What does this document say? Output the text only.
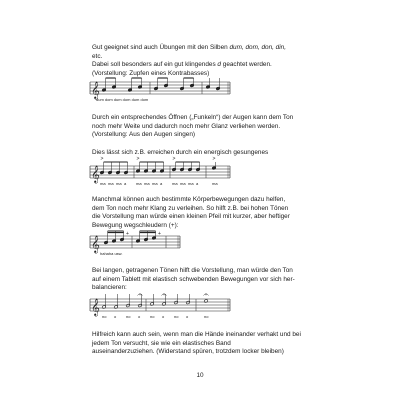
Gut geeignet sind auch Übungen mit den Silben dum, dom, don, din,
etc.
Dabei soll besonders auf ein gut klingendes d geachtet werden.
(Vorstellung: Zupfen eines Kontrabasses)
𝄞
dum dom dum dom dum dom
Durch ein entsprechendes Öffnen („Funkeln“) der Augen kann dem Ton
noch mehr Weite und dadurch noch mehr Glanz verliehen werden.
(Vorstellung: Aus den Augen singen)
Dies lässt sich z.B. erreichen durch ein energisch gesungenes
𝄞
>	>	>	>
ma ma ma a ma ma ma a ma ma ma a	ma
Manchmal können auch bestimmte Körperbewegungen dazu helfen,
dem Ton noch mehr Klang zu verleihen. So hilft z.B. bei hohen Tönen
die Vorstellung man würde einen kleinen Pfeil mit kurzer, aber heftiger
Bewegung wegschleudern (+):
𝄞
+	+
hahaha usw.
Bei langen, getragenen Tönen hilft die Vorstellung, man würde den Ton
auf einem Tablett mit elastisch schwebenden Bewegungen vor sich her-
balancieren:
𝄞
no o no o no o no o	no
Hilfreich kann auch sein, wenn man die Hände ineinander verhakt und bei
jedem Ton versucht, sie wie ein elastisches Band
auseinanderzuziehen. (Widerstand spüren, trotzdem locker bleiben)
10
